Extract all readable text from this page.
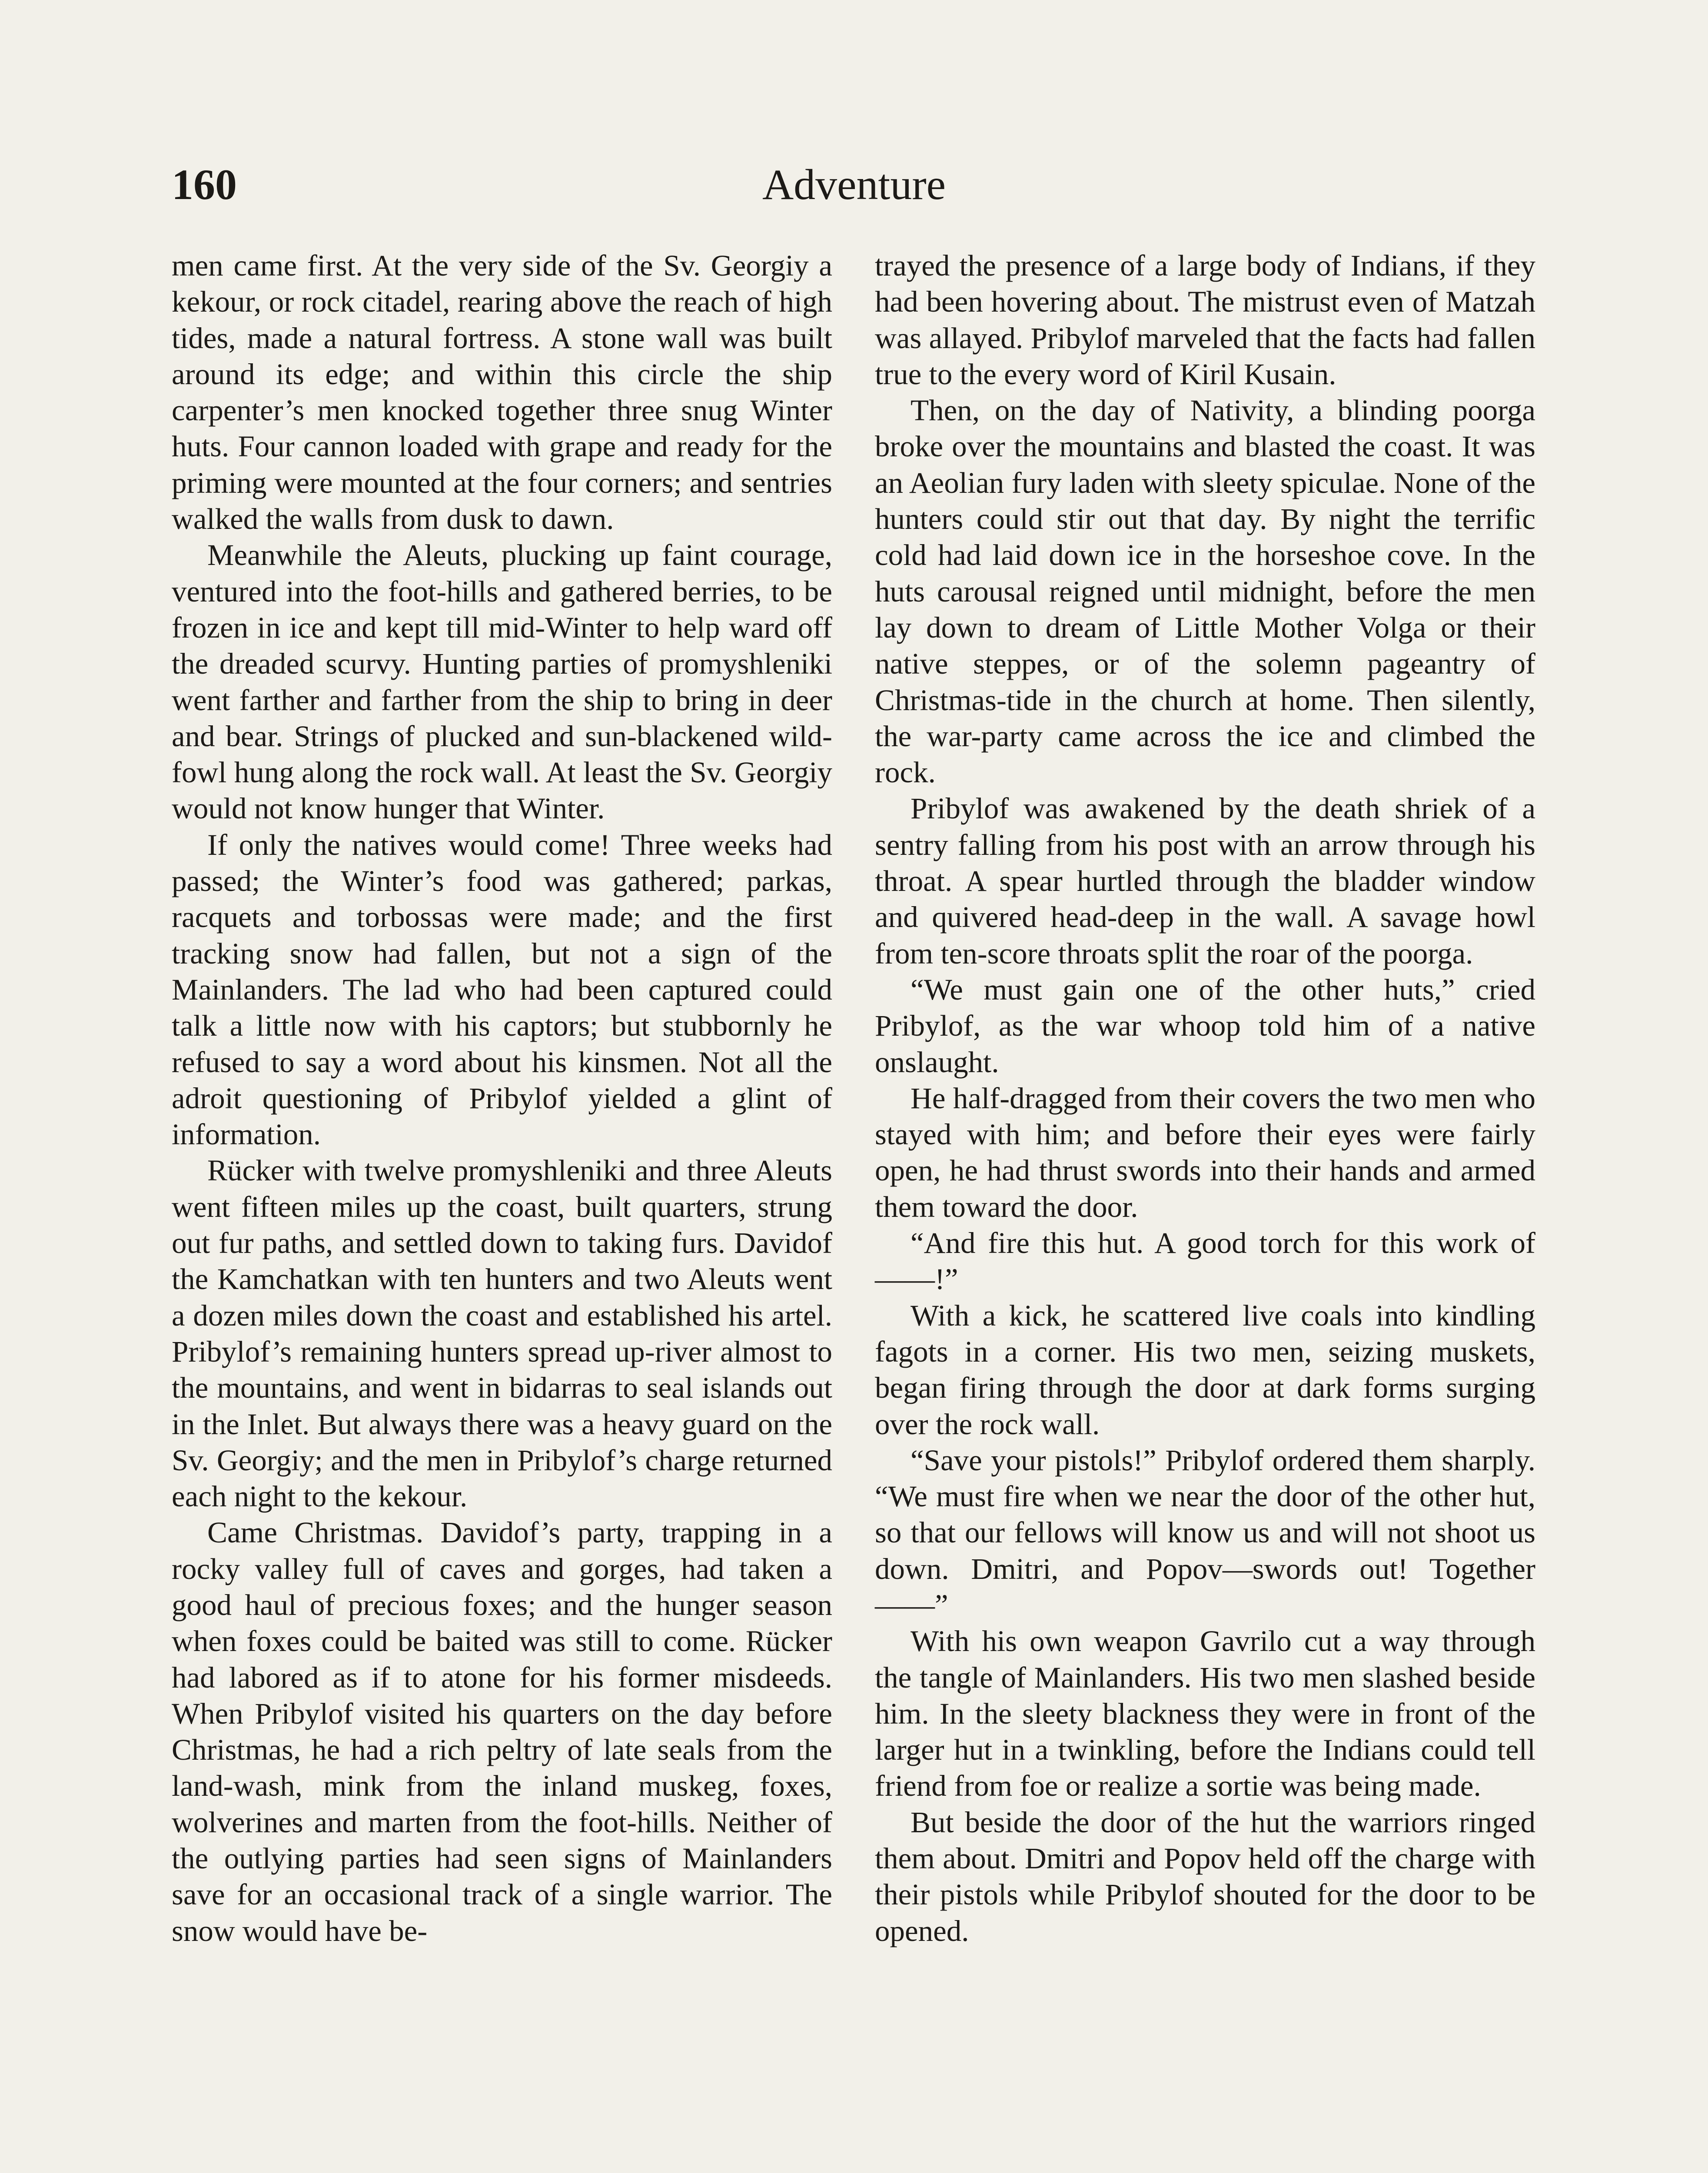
160	Adventure

men came first. At the very side of the Sv. Georgiy a kekour, or rock citadel, rearing above the reach of high tides, made a natural fortress. A stone wall was built around its edge; and within this circle the ship carpenter’s men knocked together three snug Winter huts. Four cannon loaded with grape and ready for the priming were mounted at the four corners; and sentries walked the walls from dusk to dawn.

Meanwhile the Aleuts, plucking up faint courage, ventured into the foot-hills and gathered berries, to be frozen in ice and kept till mid-Winter to help ward off the dreaded scurvy. Hunting parties of promyshleniki went farther and farther from the ship to bring in deer and bear. Strings of plucked and sun-blackened wild-fowl hung along the rock wall. At least the Sv. Georgiy would not know hunger that Winter.

If only the natives would come! Three weeks had passed; the Winter’s food was gathered; parkas, racquets and torbossas were made; and the first tracking snow had fallen, but not a sign of the Mainlanders. The lad who had been captured could talk a little now with his captors; but stubbornly he refused to say a word about his kinsmen. Not all the adroit questioning of Pribylof yielded a glint of information.

Rücker with twelve promyshleniki and three Aleuts went fifteen miles up the coast, built quarters, strung out fur paths, and settled down to taking furs. Davidof the Kamchatkan with ten hunters and two Aleuts went a dozen miles down the coast and established his artel. Pribylof’s remaining hunters spread up-river almost to the mountains, and went in bidarras to seal islands out in the Inlet. But always there was a heavy guard on the Sv. Georgiy; and the men in Pribylof’s charge returned each night to the kekour.

Came Christmas. Davidof’s party, trapping in a rocky valley full of caves and gorges, had taken a good haul of precious foxes; and the hunger season when foxes could be baited was still to come. Rücker had labored as if to atone for his former misdeeds. When Pribylof visited his quarters on the day before Christmas, he had a rich peltry of late seals from the land-wash, mink from the inland muskeg, foxes, wolverines and marten from the foot-hills. Neither of the outlying parties had seen signs of Mainlanders save for an occasional track of a single warrior. The snow would have be-

trayed the presence of a large body of Indians, if they had been hovering about. The mistrust even of Matzah was allayed. Pribylof marveled that the facts had fallen true to the every word of Kiril Kusain.

Then, on the day of Nativity, a blinding poorga broke over the mountains and blasted the coast. It was an Aeolian fury laden with sleety spiculae. None of the hunters could stir out that day. By night the terrific cold had laid down ice in the horseshoe cove. In the huts carousal reigned until midnight, before the men lay down to dream of Little Mother Volga or their native steppes, or of the solemn pageantry of Christmas-tide in the church at home. Then silently, the war-party came across the ice and climbed the rock.

Pribylof was awakened by the death shriek of a sentry falling from his post with an arrow through his throat. A spear hurtled through the bladder window and quivered head-deep in the wall. A savage howl from ten-score throats split the roar of the poorga.

“We must gain one of the other huts,” cried Pribylof, as the war whoop told him of a native onslaught.

He half-dragged from their covers the two men who stayed with him; and before their eyes were fairly open, he had thrust swords into their hands and armed them toward the door.

“And fire this hut. A good torch for this work of ——!”

With a kick, he scattered live coals into kindling fagots in a corner. His two men, seizing muskets, began firing through the door at dark forms surging over the rock wall.

“Save your pistols!” Pribylof ordered them sharply. “We must fire when we near the door of the other hut, so that our fellows will know us and will not shoot us down. Dmitri, and Popov—swords out! Together——”

With his own weapon Gavrilo cut a way through the tangle of Mainlanders. His two men slashed beside him. In the sleety blackness they were in front of the larger hut in a twinkling, before the Indians could tell friend from foe or realize a sortie was being made.

But beside the door of the hut the warriors ringed them about. Dmitri and Popov held off the charge with their pistols while Pribylof shouted for the door to be opened.
